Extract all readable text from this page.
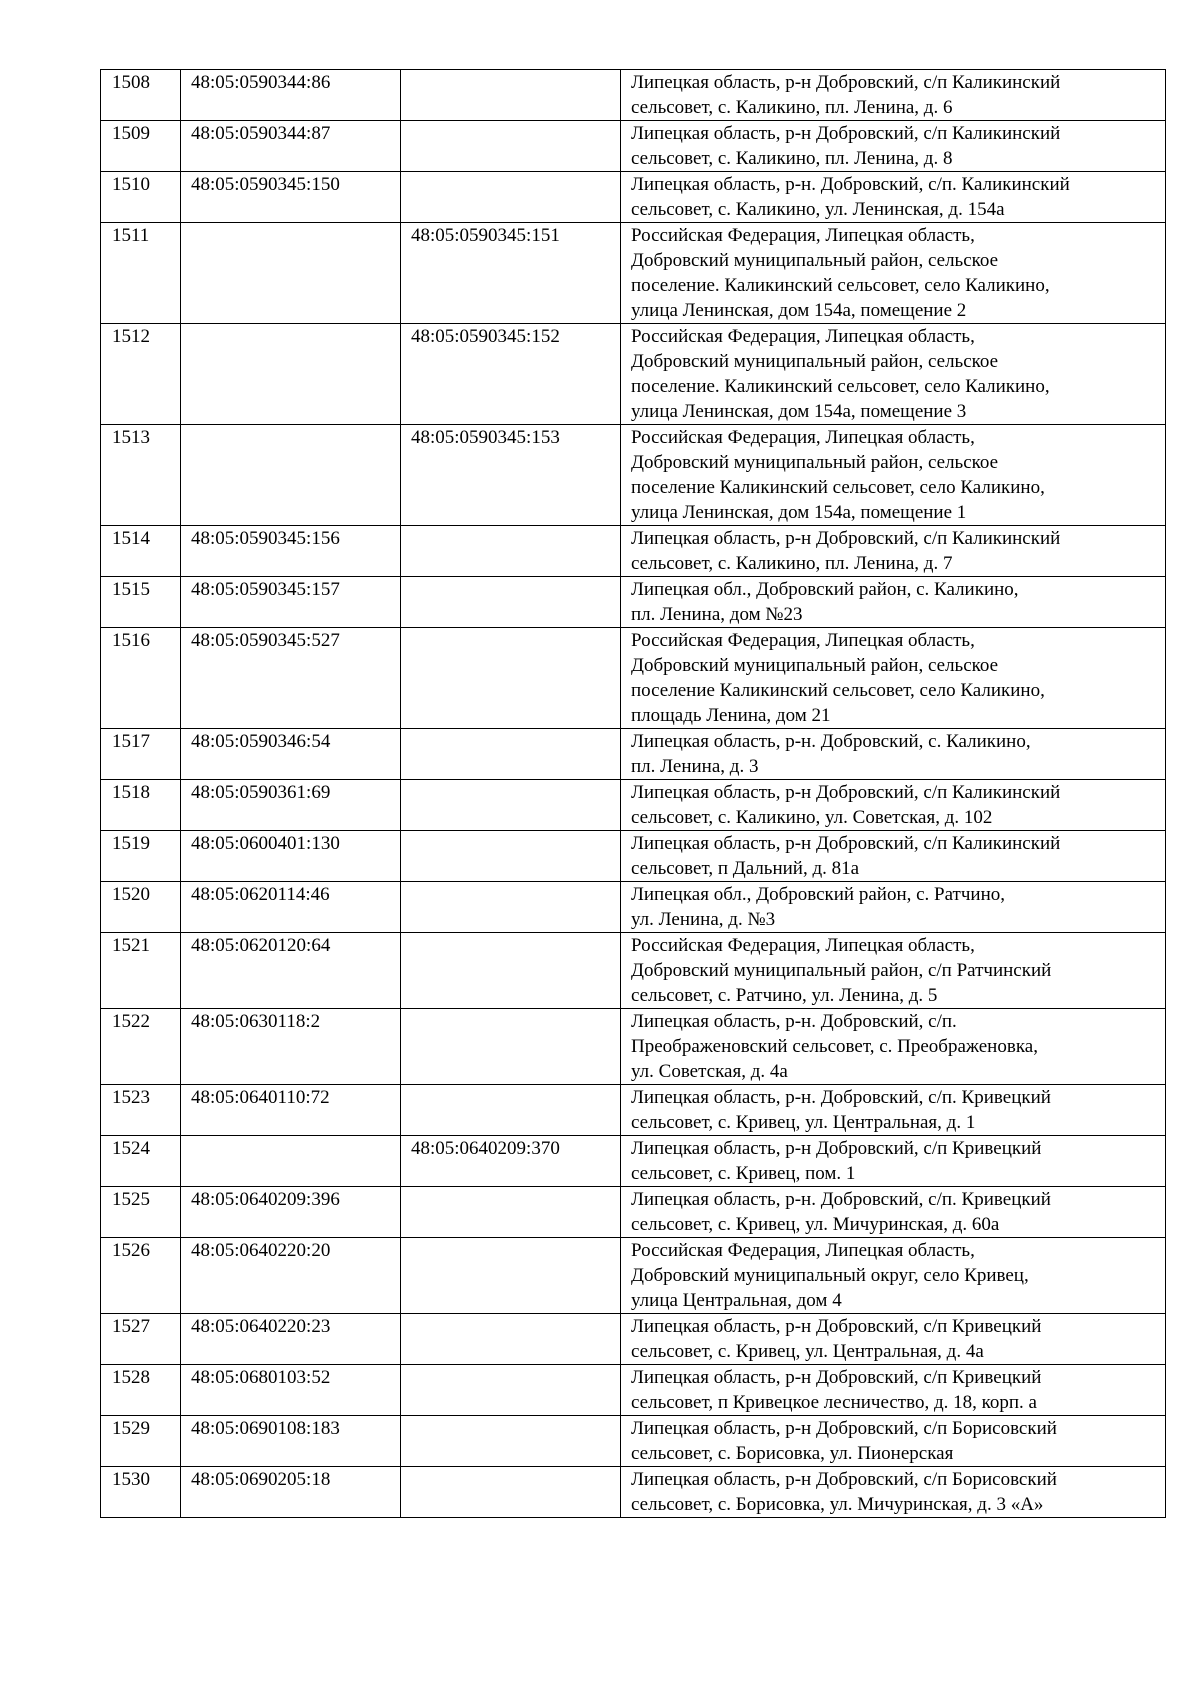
1508	48:05:0590344:86		Липецкая область, р-н Добровский, с/п Каликинский
сельсовет, с. Каликино, пл. Ленина, д. 6
1509	48:05:0590344:87		Липецкая область, р-н Добровский, с/п Каликинский
сельсовет, с. Каликино, пл. Ленина, д. 8
1510	48:05:0590345:150		Липецкая область, р-н. Добровский, с/п. Каликинский
сельсовет, с. Каликино, ул. Ленинская, д. 154а
1511		48:05:0590345:151	Российская Федерация, Липецкая область,
Добровский муниципальный район, сельское
поселение. Каликинский сельсовет, село Каликино,
улица Ленинская, дом 154а, помещение 2
1512		48:05:0590345:152	Российская Федерация, Липецкая область,
Добровский муниципальный район, сельское
поселение. Каликинский сельсовет, село Каликино,
улица Ленинская, дом 154а, помещение 3
1513		48:05:0590345:153	Российская Федерация, Липецкая область,
Добровский муниципальный район, сельское
поселение Каликинский сельсовет, село Каликино,
улица Ленинская, дом 154а, помещение 1
1514	48:05:0590345:156		Липецкая область, р-н Добровский, с/п Каликинский
сельсовет, с. Каликино, пл. Ленина, д. 7
1515	48:05:0590345:157		Липецкая обл., Добровский район, с. Каликино,
пл. Ленина, дом №23
1516	48:05:0590345:527		Российская Федерация, Липецкая область,
Добровский муниципальный район, сельское
поселение Каликинский сельсовет, село Каликино,
площадь Ленина, дом 21
1517	48:05:0590346:54		Липецкая область, р-н. Добровский, с. Каликино,
пл. Ленина, д. 3
1518	48:05:0590361:69		Липецкая область, р-н Добровский, с/п Каликинский
сельсовет, с. Каликино, ул. Советская, д. 102
1519	48:05:0600401:130		Липецкая область, р-н Добровский, с/п Каликинский
сельсовет, п Дальний, д. 81а
1520	48:05:0620114:46		Липецкая обл., Добровский район, с. Ратчино,
ул. Ленина, д. №3
1521	48:05:0620120:64		Российская Федерация, Липецкая область,
Добровский муниципальный район, с/п Ратчинский
сельсовет, с. Ратчино, ул. Ленина, д. 5
1522	48:05:0630118:2		Липецкая область, р-н. Добровский, с/п.
Преображеновский сельсовет, с. Преображеновка,
ул. Советская, д. 4а
1523	48:05:0640110:72		Липецкая область, р-н. Добровский, с/п. Кривецкий
сельсовет, с. Кривец, ул. Центральная, д. 1
1524		48:05:0640209:370	Липецкая область, р-н Добровский, с/п Кривецкий
сельсовет, с. Кривец, пом. 1
1525	48:05:0640209:396		Липецкая область, р-н. Добровский, с/п. Кривецкий
сельсовет, с. Кривец, ул. Мичуринская, д. 60а
1526	48:05:0640220:20		Российская Федерация, Липецкая область,
Добровский муниципальный округ, село Кривец,
улица Центральная, дом 4
1527	48:05:0640220:23		Липецкая область, р-н Добровский, с/п Кривецкий
сельсовет, с. Кривец, ул. Центральная, д. 4а
1528	48:05:0680103:52		Липецкая область, р-н Добровский, с/п Кривецкий
сельсовет, п Кривецкое лесничество, д. 18, корп. а
1529	48:05:0690108:183		Липецкая область, р-н Добровский, с/п Борисовский
сельсовет, с. Борисовка, ул. Пионерская
1530	48:05:0690205:18		Липецкая область, р-н Добровский, с/п Борисовский
сельсовет, с. Борисовка, ул. Мичуринская, д. 3 «А»
